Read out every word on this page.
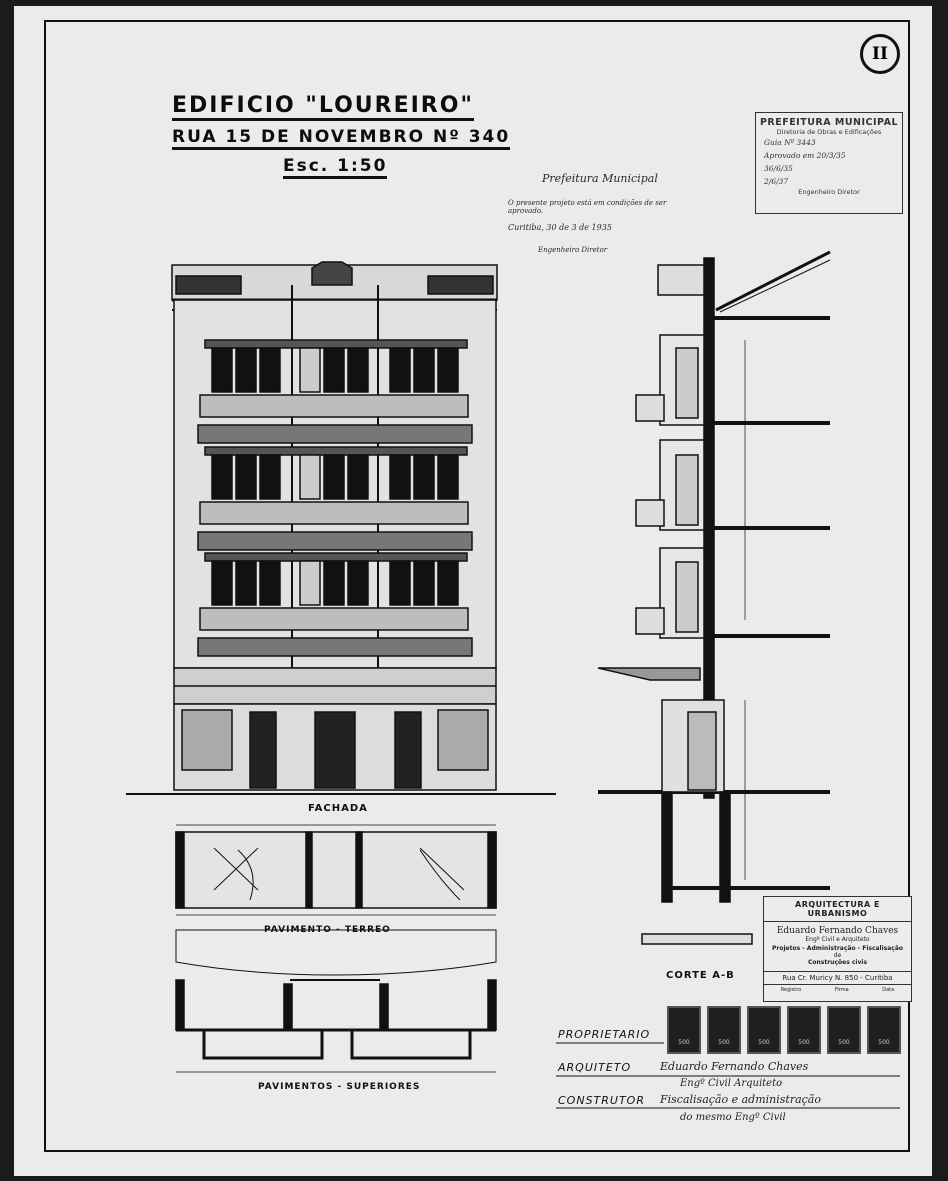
II
EDIFICIO "LOUREIRO"
RUA 15 DE NOVEMBRO Nº 340
Esc. 1:50
PREFEITURA MUNICIPAL
Diretoria de Obras e Edificações
Guia Nº 3443
Aprovado em 20/3/35
36/6/35
2/6/37
Engenheiro Diretor
Prefeitura Municipal
O presente projeto está em condições de ser aprovado.
Curitiba, 30 de 3 de 1935
Engenheiro Diretor
FACHADA
CORTE A-B
PAVIMENTO - TERREO
PAVIMENTOS - SUPERIORES
ARQUITECTURA E URBANISMO
Eduardo Fernando Chaves
Engº Civil e Arquiteto
Projetos - Administração - Fiscalisação
de
Construções civis
Rua Cr. Muricy N. 850 - Curitiba
Registro	Firma	Data
PROPRIETARIO
ARQUITETO
CONSTRUTOR
Eduardo Fernando Chaves
Engº Civil Arquiteto
Fiscalisação e administração
do mesmo Engº Civil
500	500	500	500	500	500
